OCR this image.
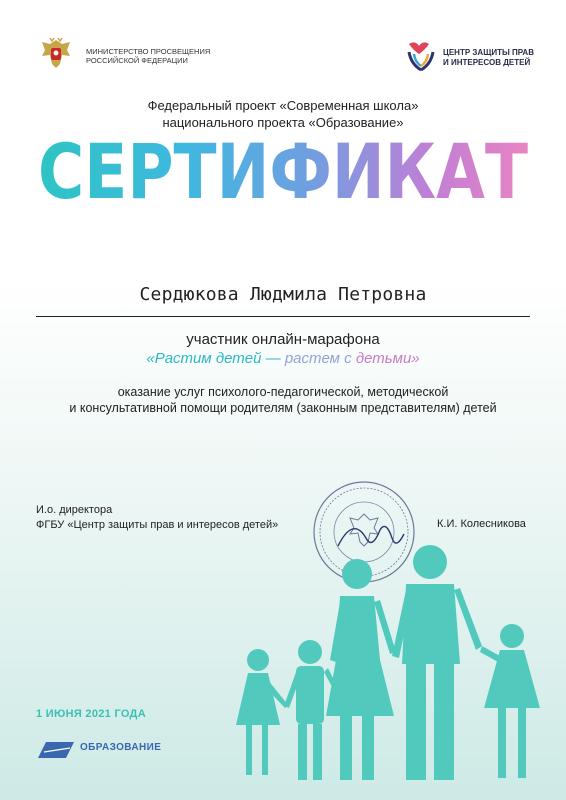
МИНИСТЕРСТВО ПРОСВЕЩЕНИЯ
РОССИЙСКОЙ ФЕДЕРАЦИИ
ЦЕНТР ЗАЩИТЫ ПРАВ
И ИНТЕРЕСОВ ДЕТЕЙ
Федеральный проект «Современная школа»
национального проекта «Образование»
СЕРТИФИКАТ
Сердюкова Людмила Петровна
участник онлайн-марафона
«Растим детей — растем с детьми»
оказание услуг психолого-педагогической, методической
и консультативной помощи родителям (законным представителям) детей
И.о. директора
ФГБУ «Центр защиты прав и интересов детей»	К.И. Колесникова
1 ИЮНЯ 2021 ГОДА
ОБРАЗОВАНИЕ
